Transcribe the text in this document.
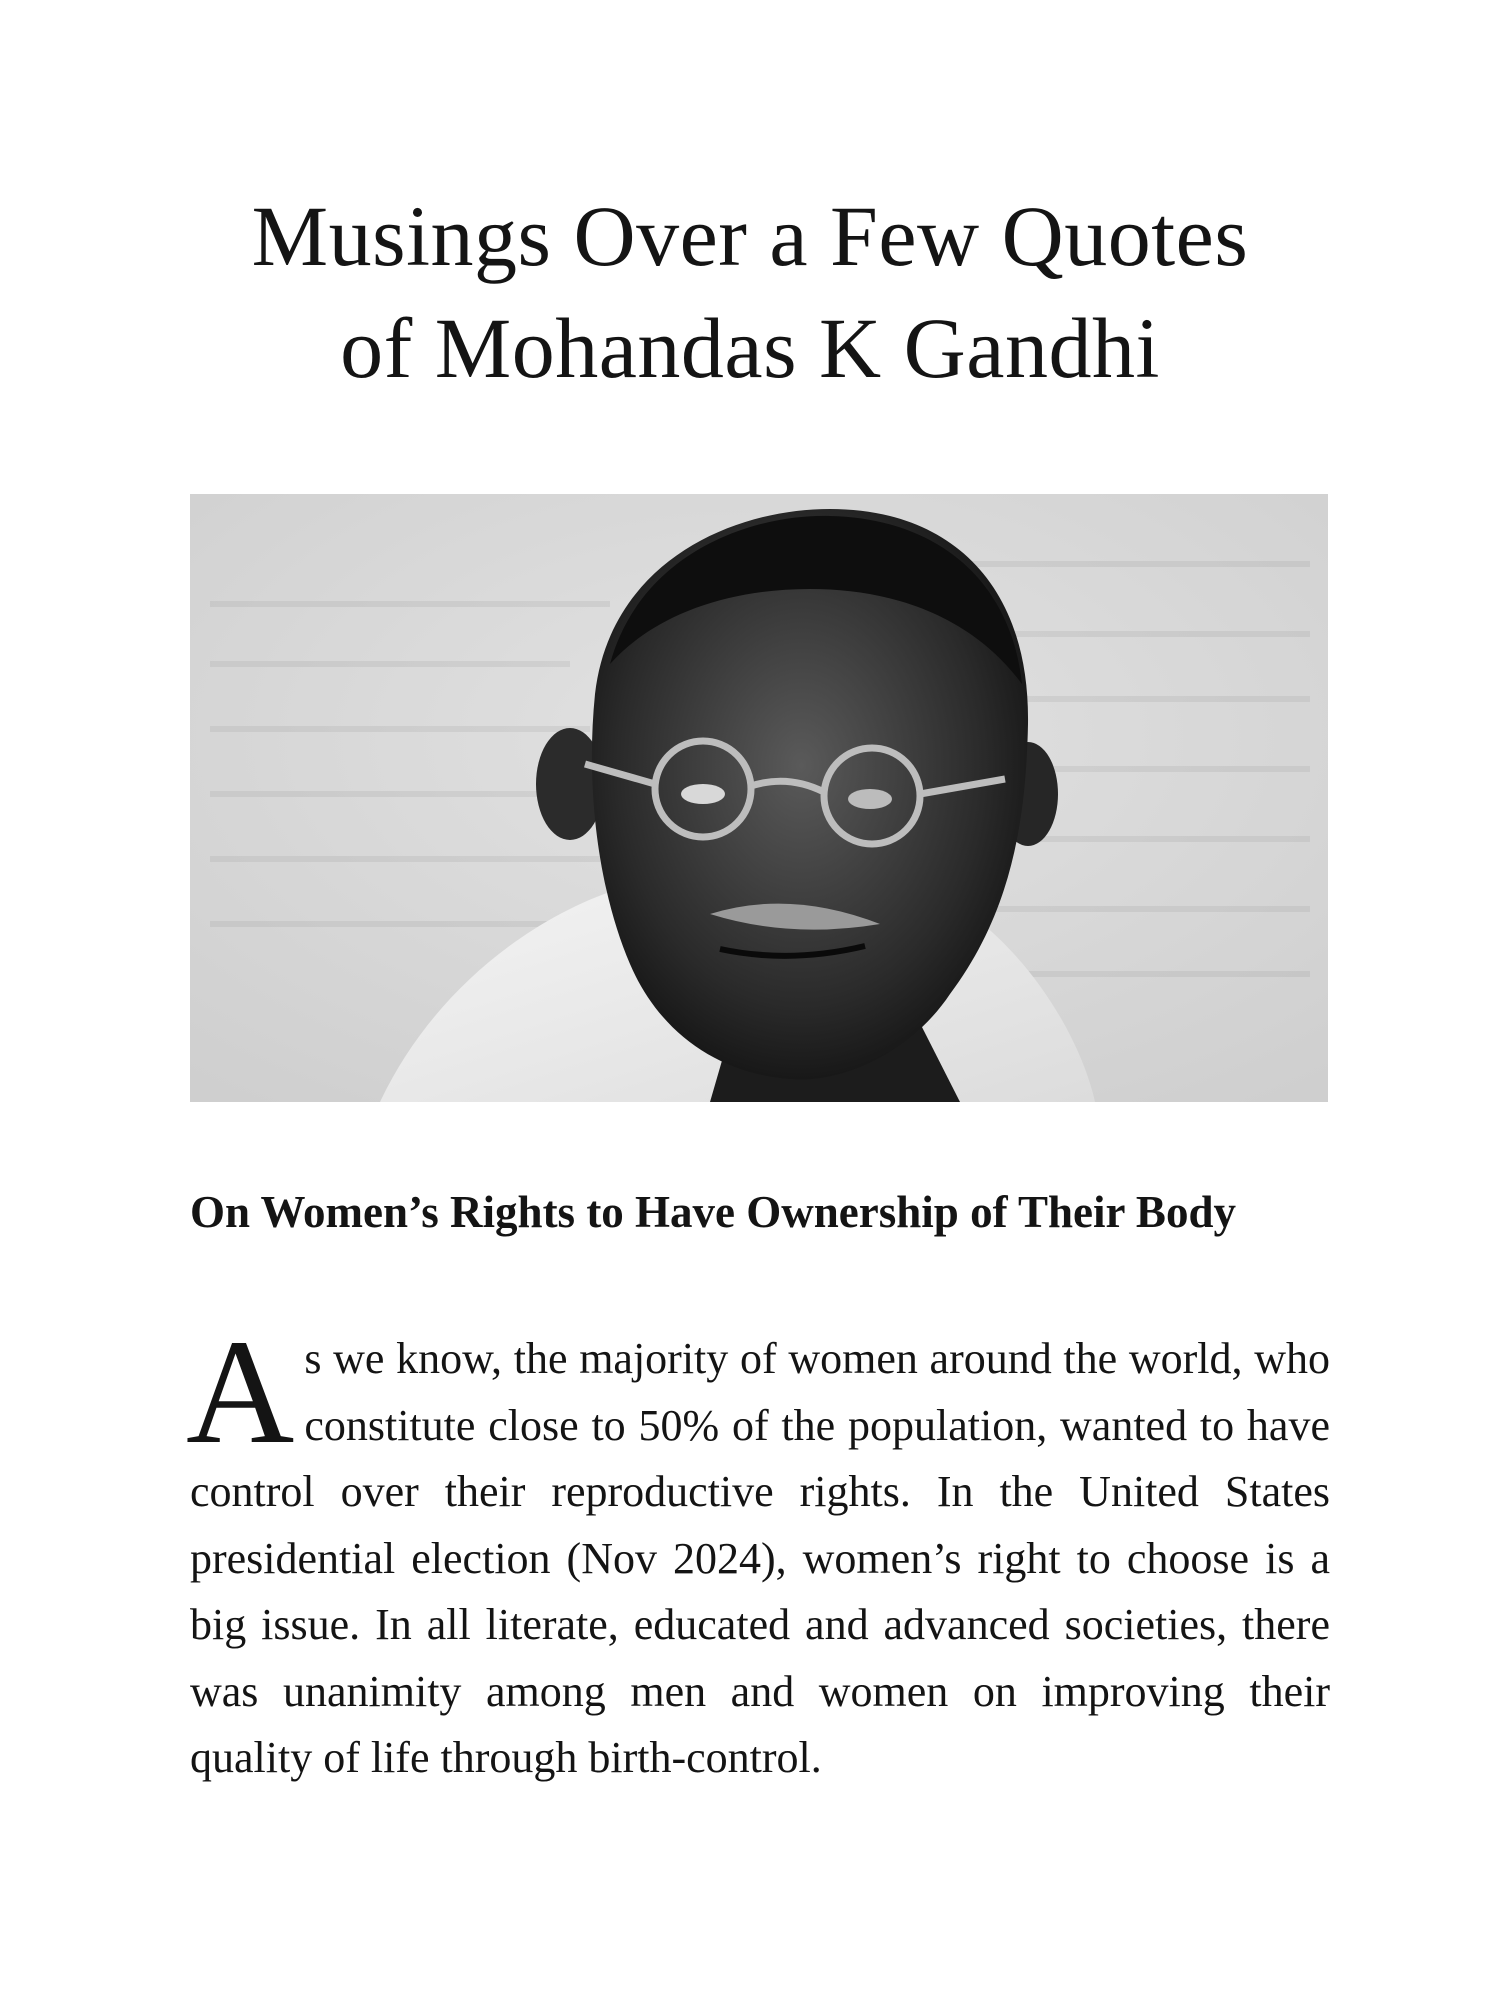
Musings Over a Few Quotes
of Mohandas K Gandhi
On Women’s Rights to Have Ownership of Their Body

As we know, the majority of women around the world, who constitute close to 50% of the population, wanted to have control over their reproductive rights. In the United States presidential election (Nov 2024), women’s right to choose is a big issue. In all literate, educated and advanced societies, there was unanimity among men and women on improving their quality of life through birth-control.
